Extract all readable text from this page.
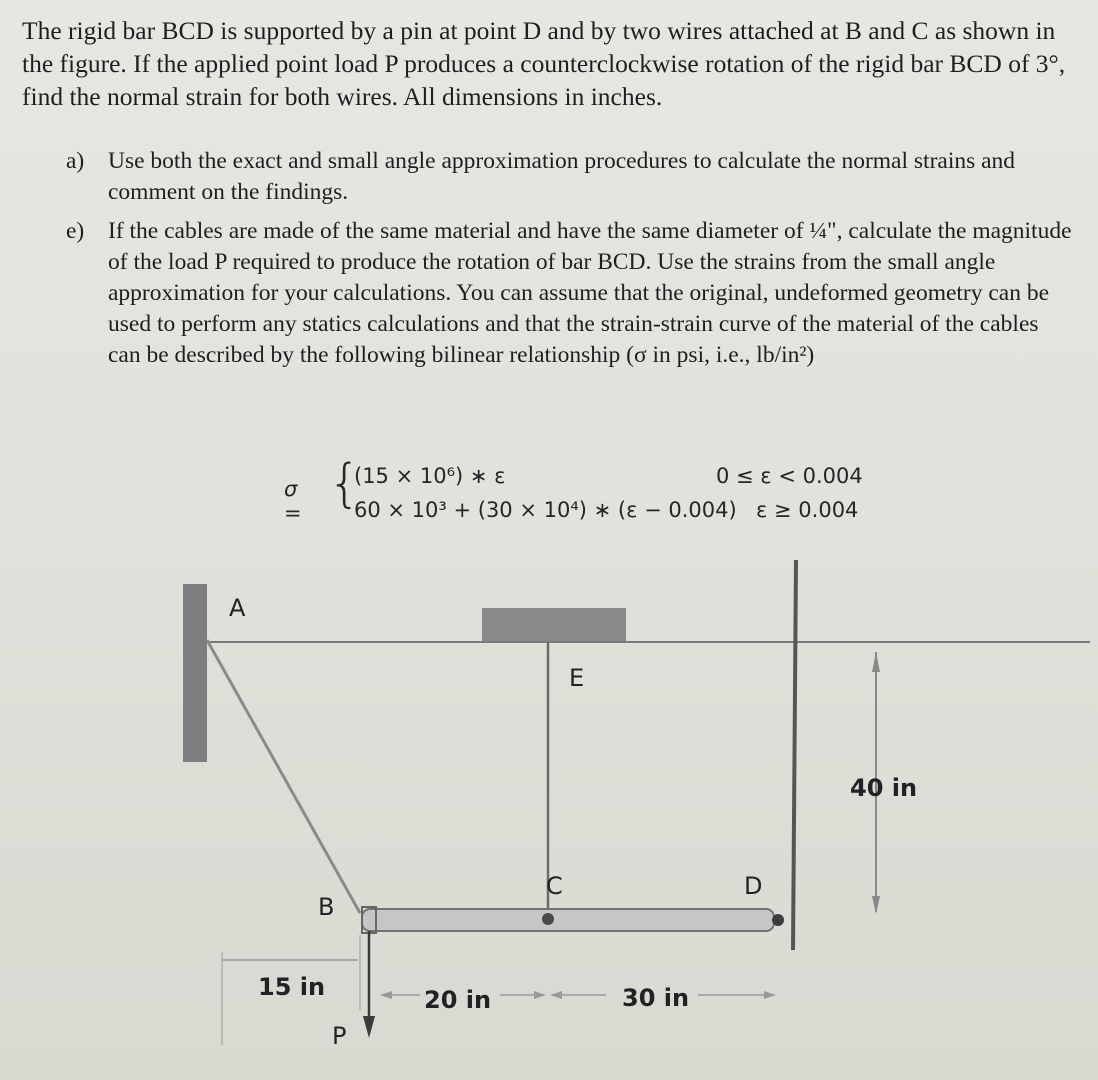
The rigid bar BCD is supported by a pin at point D and by two wires attached at B and C as shown in the figure. If the applied point load P produces a counterclockwise rotation of the rigid bar BCD of 3°, find the normal strain for both wires. All dimensions in inches.
a)	Use both the exact and small angle approximation procedures to calculate the normal strains and comment on the findings.
e)	If the cables are made of the same material and have the same diameter of ¼", calculate the magnitude of the load P required to produce the rotation of bar BCD. Use the strains from the small angle approximation for your calculations. You can assume that the original, undeformed geometry can be used to perform any statics calculations and that the strain-strain curve of the material of the cables can be described by the following bilinear relationship (σ in psi, i.e., lb/in²)
σ = {
(15 × 10⁶) ∗ ε	0 ≤ ε < 0.004
60 × 10³ + (30 × 10⁴) ∗ (ε − 0.004) ε ≥ 0.004
A
E
B
C	D
P
40 in
15 in	20 in	30 in
